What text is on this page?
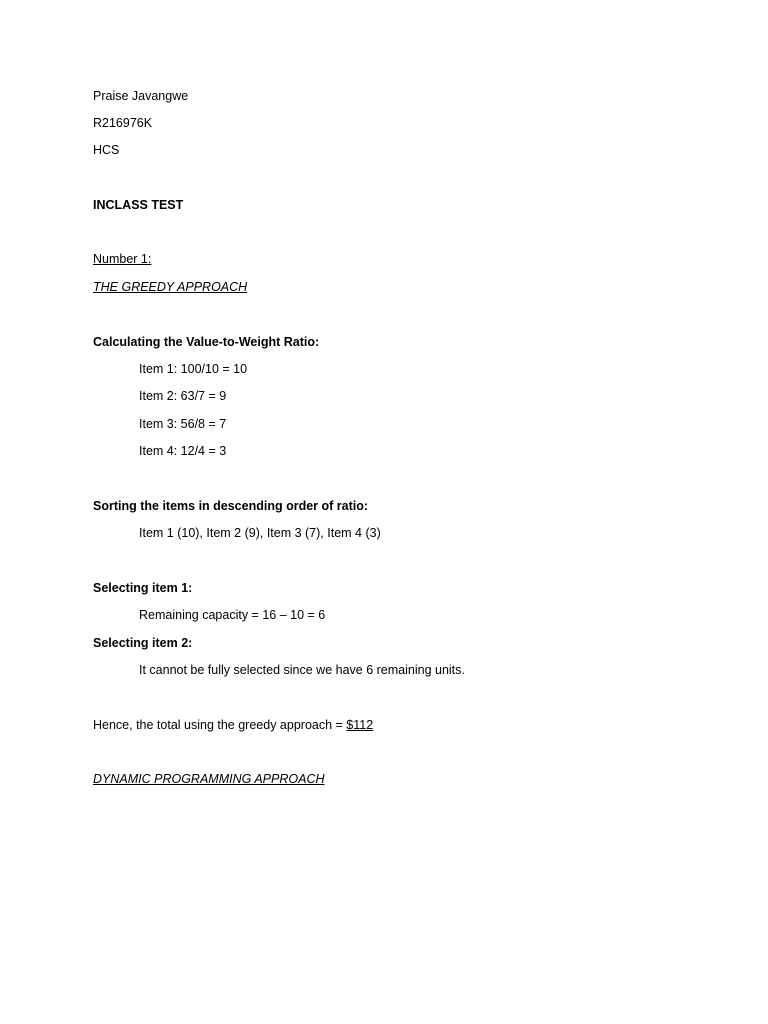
Praise Javangwe
R216976K
HCS
INCLASS TEST
Number 1:
THE GREEDY APPROACH
Calculating the Value-to-Weight Ratio:
Item 1: 100/10 = 10
Item 2: 63/7 = 9
Item 3: 56/8 = 7
Item 4: 12/4 = 3
Sorting the items in descending order of ratio:
Item 1 (10), Item 2 (9), Item 3 (7), Item 4 (3)
Selecting item 1:
Remaining capacity = 16 – 10 = 6
Selecting item 2:
It cannot be fully selected since we have 6 remaining units.
Hence, the total using the greedy approach = $112
DYNAMIC PROGRAMMING APPROACH
